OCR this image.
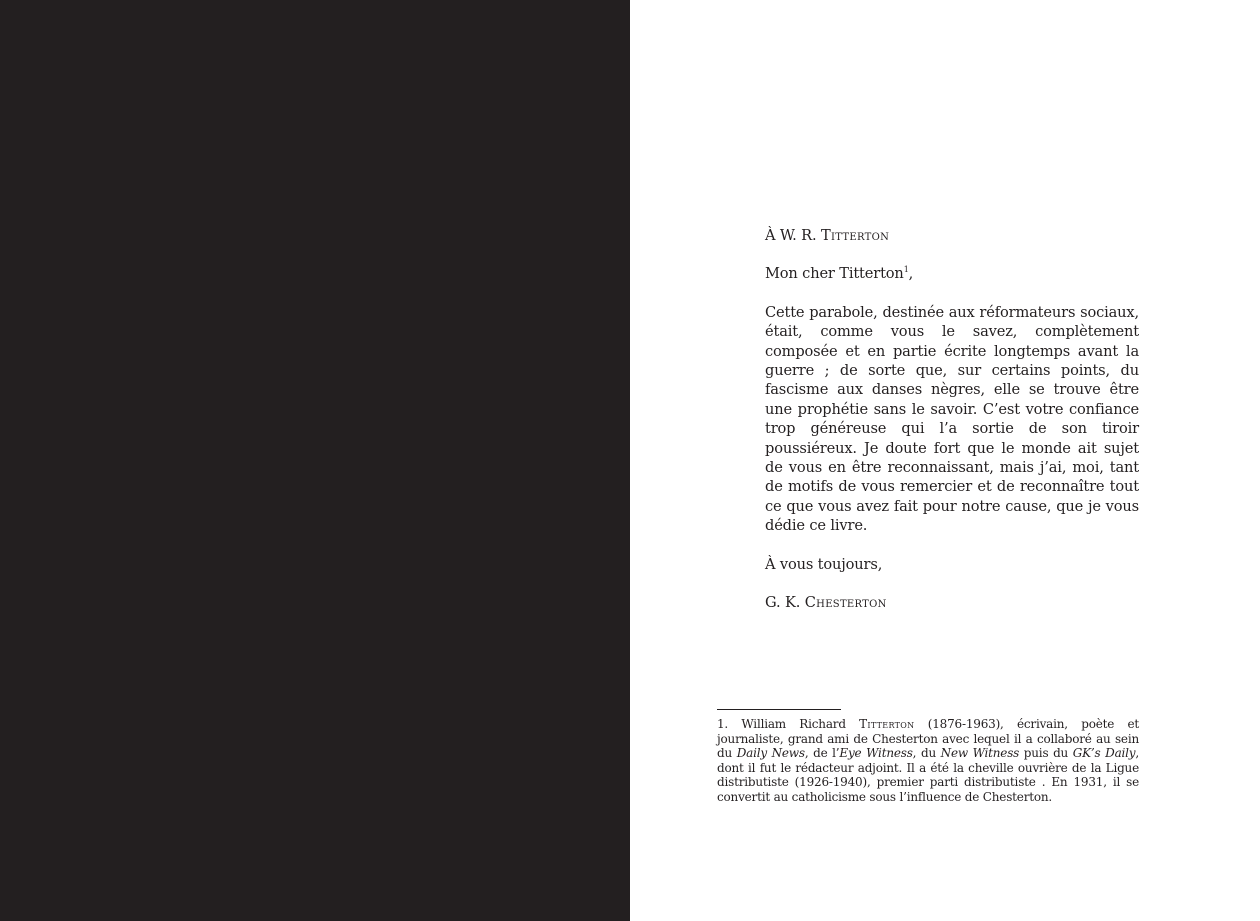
À W. R. Titterton

Mon cher Titterton$^1$,

Cette parabole, destinée aux réformateurs sociaux, était, comme vous le savez, complètement composée et en partie écrite longtemps avant la guerre ; de sorte que, sur certains points, du fascisme aux danses nègres, elle se trouve être une prophétie sans le savoir. C’est votre confiance trop généreuse qui l’a sortie de son tiroir poussiéreux. Je doute fort que le monde ait sujet de vous en être reconnaissant, mais j’ai, moi, tant de motifs de vous remercier et de reconnaître tout ce que vous avez fait pour notre cause, que je vous dédie ce livre.

À vous toujours,

G. K. Chesterton

1. William Richard Titterton (1876-1963), écrivain, poète et journaliste, grand ami de Chesterton avec lequel il a collaboré au sein du Daily News, de l’Eye Witness, du New Witness puis du GK’s Daily, dont il fut le rédacteur adjoint. Il a été la cheville ouvrière de la Ligue distributiste (1926-1940), premier parti distributiste . En 1931, il se convertit au catholicisme sous l’influence de Chesterton.
